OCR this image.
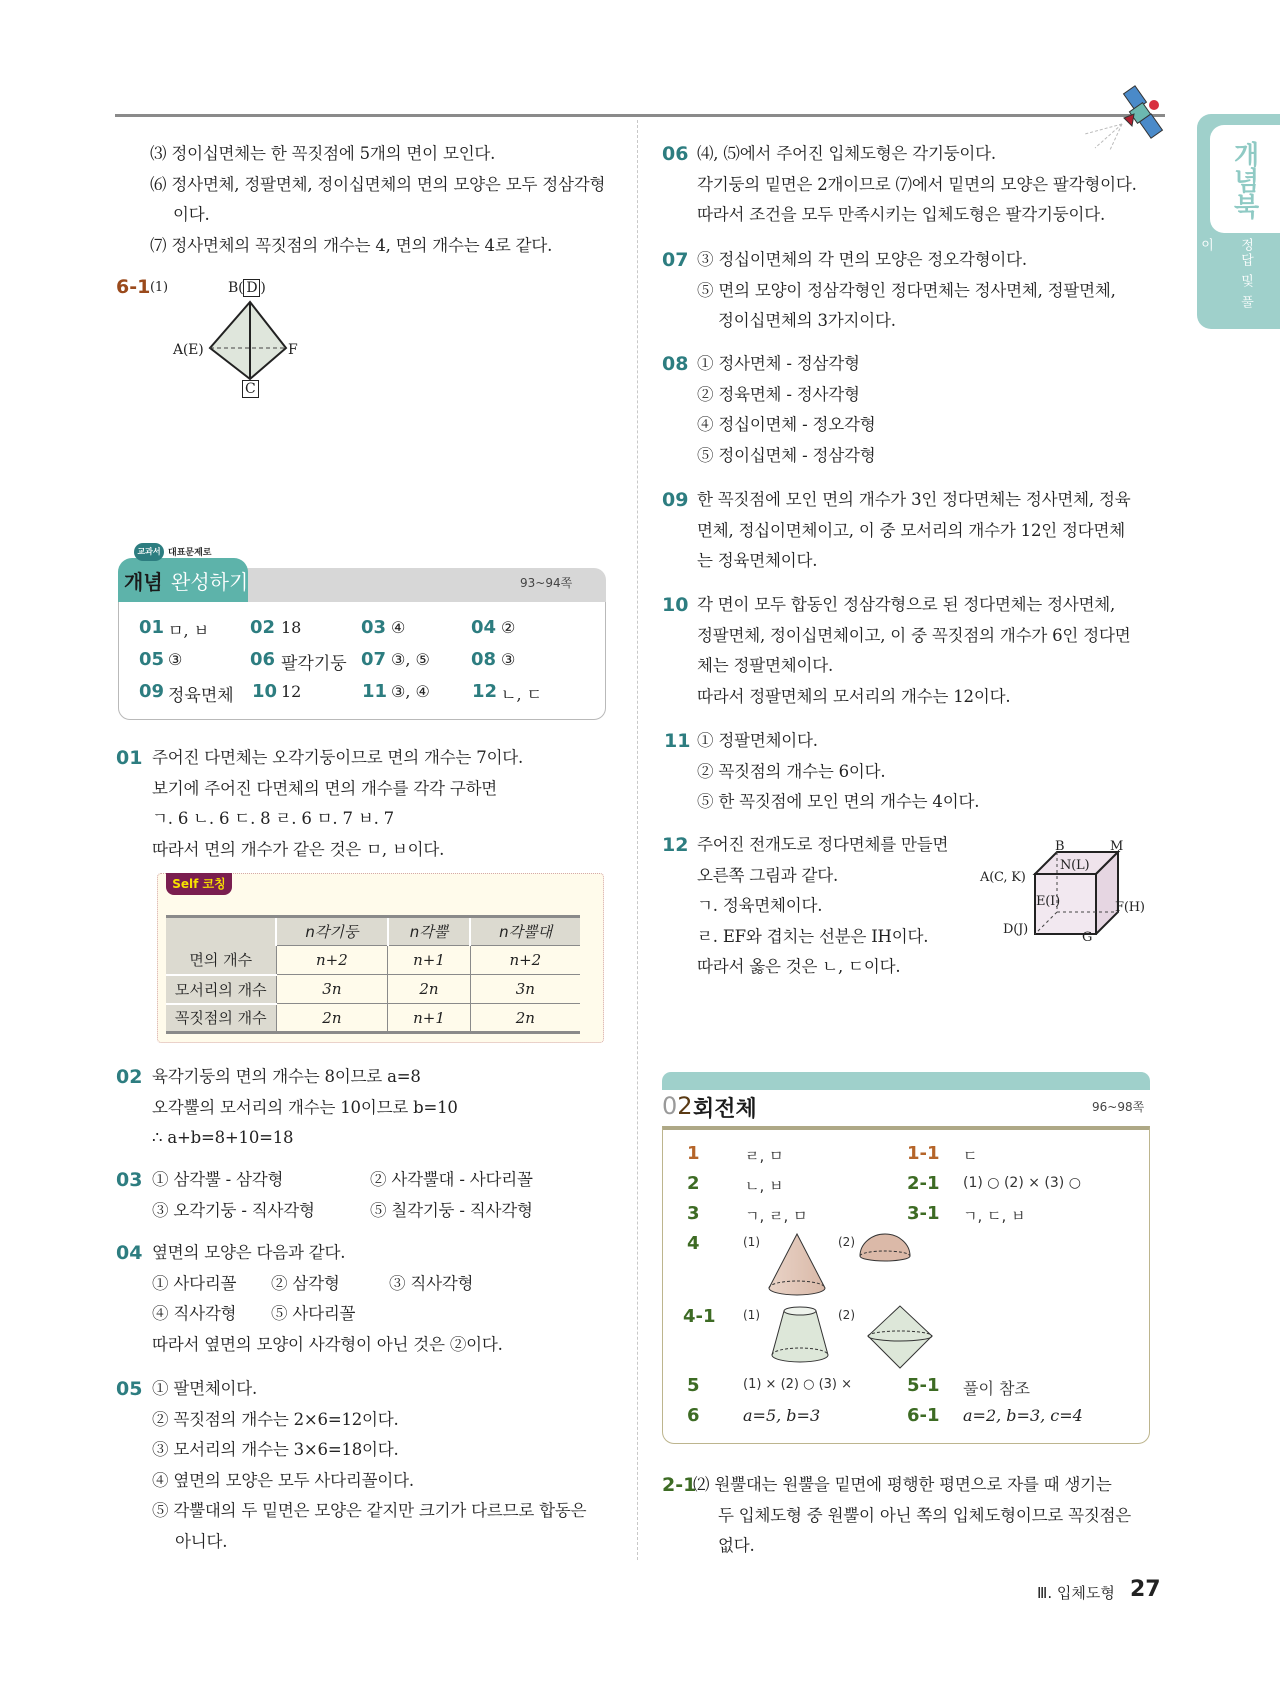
개념북
정답 및 풀이
⑶ 정이십면체는 한 꼭짓점에 5개의 면이 모인다.
⑹ 정사면체, 정팔면체, 정이십면체의 면의 모양은 모두 정삼각형
이다.
⑺ 정사면체의 꼭짓점의 개수는 4, 면의 개수는 4로 같다.
6-1 (1)	B( D )
A(E)	F
C
교과서 대표문제로
개념 완성하기	93~94쪽
01 ㅁ, ㅂ 02 18	03 ④	04 ②
05 ③	06 팔각기둥 07 ③, ⑤ 08 ③
09 정육면체 10 12	11 ③, ④ 12 ㄴ, ㄷ
01 주어진 다면체는 오각기둥이므로 면의 개수는 7이다.
보기에 주어진 다면체의 면의 개수를 각각 구하면
ㄱ. 6 ㄴ. 6 ㄷ. 8 ㄹ. 6 ㅁ. 7 ㅂ. 7
따라서 면의 개수가 같은 것은 ㅁ, ㅂ이다.
Self 코칭
	n각기둥	n각뿔	n각뿔대
면의 개수	n+2	n+1	n+2
모서리의 개수	3n	2n	3n
꼭짓점의 개수	2n	n+1	2n
02 육각기둥의 면의 개수는 8이므로 a=8
오각뿔의 모서리의 개수는 10이므로 b=10
∴ a+b=8+10=18
03 ① 삼각뿔 - 삼각형	② 사각뿔대 - 사다리꼴
③ 오각기둥 - 직사각형	⑤ 칠각기둥 - 직사각형
04 옆면의 모양은 다음과 같다.
① 사다리꼴 ② 삼각형	③ 직사각형
④ 직사각형 ⑤ 사다리꼴
따라서 옆면의 모양이 사각형이 아닌 것은 ②이다.
05 ① 팔면체이다.
② 꼭짓점의 개수는 2×6=12이다.
③ 모서리의 개수는 3×6=18이다.
④ 옆면의 모양은 모두 사다리꼴이다.
⑤ 각뿔대의 두 밑면은 모양은 같지만 크기가 다르므로 합동은
아니다.
06 ⑷, ⑸에서 주어진 입체도형은 각기둥이다.
각기둥의 밑면은 2개이므로 ⑺에서 밑면의 모양은 팔각형이다.
따라서 조건을 모두 만족시키는 입체도형은 팔각기둥이다.
07 ③ 정십이면체의 각 면의 모양은 정오각형이다.
⑤ 면의 모양이 정삼각형인 정다면체는 정사면체, 정팔면체,
정이십면체의 3가지이다.
08 ① 정사면체 - 정삼각형
② 정육면체 - 정사각형
④ 정십이면체 - 정오각형
⑤ 정이십면체 - 정삼각형
09 한 꼭짓점에 모인 면의 개수가 3인 정다면체는 정사면체, 정육
면체, 정십이면체이고, 이 중 모서리의 개수가 12인 정다면체
는 정육면체이다.
10 각 면이 모두 합동인 정삼각형으로 된 정다면체는 정사면체,
정팔면체, 정이십면체이고, 이 중 꼭짓점의 개수가 6인 정다면
체는 정팔면체이다.
따라서 정팔면체의 모서리의 개수는 12이다.
11 ① 정팔면체이다.
② 꼭짓점의 개수는 6이다.
⑤ 한 꼭짓점에 모인 면의 개수는 4이다.
12 주어진 전개도로 정다면체를 만들면
오른쪽 그림과 같다.
ㄱ. 정육면체이다.
ㄹ. EF와 겹치는 선분은 IH이다.
따라서 옳은 것은 ㄴ, ㄷ이다.
B	M
N(L)
A(C, K)
E(I)	F(H)
D(J)
G
02 회전체	96~98쪽
1	ㄹ, ㅁ	1-1 ㄷ
2	ㄴ, ㅂ	2-1 (1) ○ (2) × (3) ○
3	ㄱ, ㄹ, ㅁ	3-1 ㄱ, ㄷ, ㅂ
4	(1)	(2)
4-1 (1)	(2)
5	(1) × (2) ○ (3) ×	5-1 풀이 참조
6	a=5, b=3	6-1 a=2, b=3, c=4
2-1
⑵ 원뿔대는 원뿔을 밑면에 평행한 평면으로 자를 때 생기는
두 입체도형 중 원뿔이 아닌 쪽의 입체도형이므로 꼭짓점은
없다.
Ⅲ. 입체도형 27
